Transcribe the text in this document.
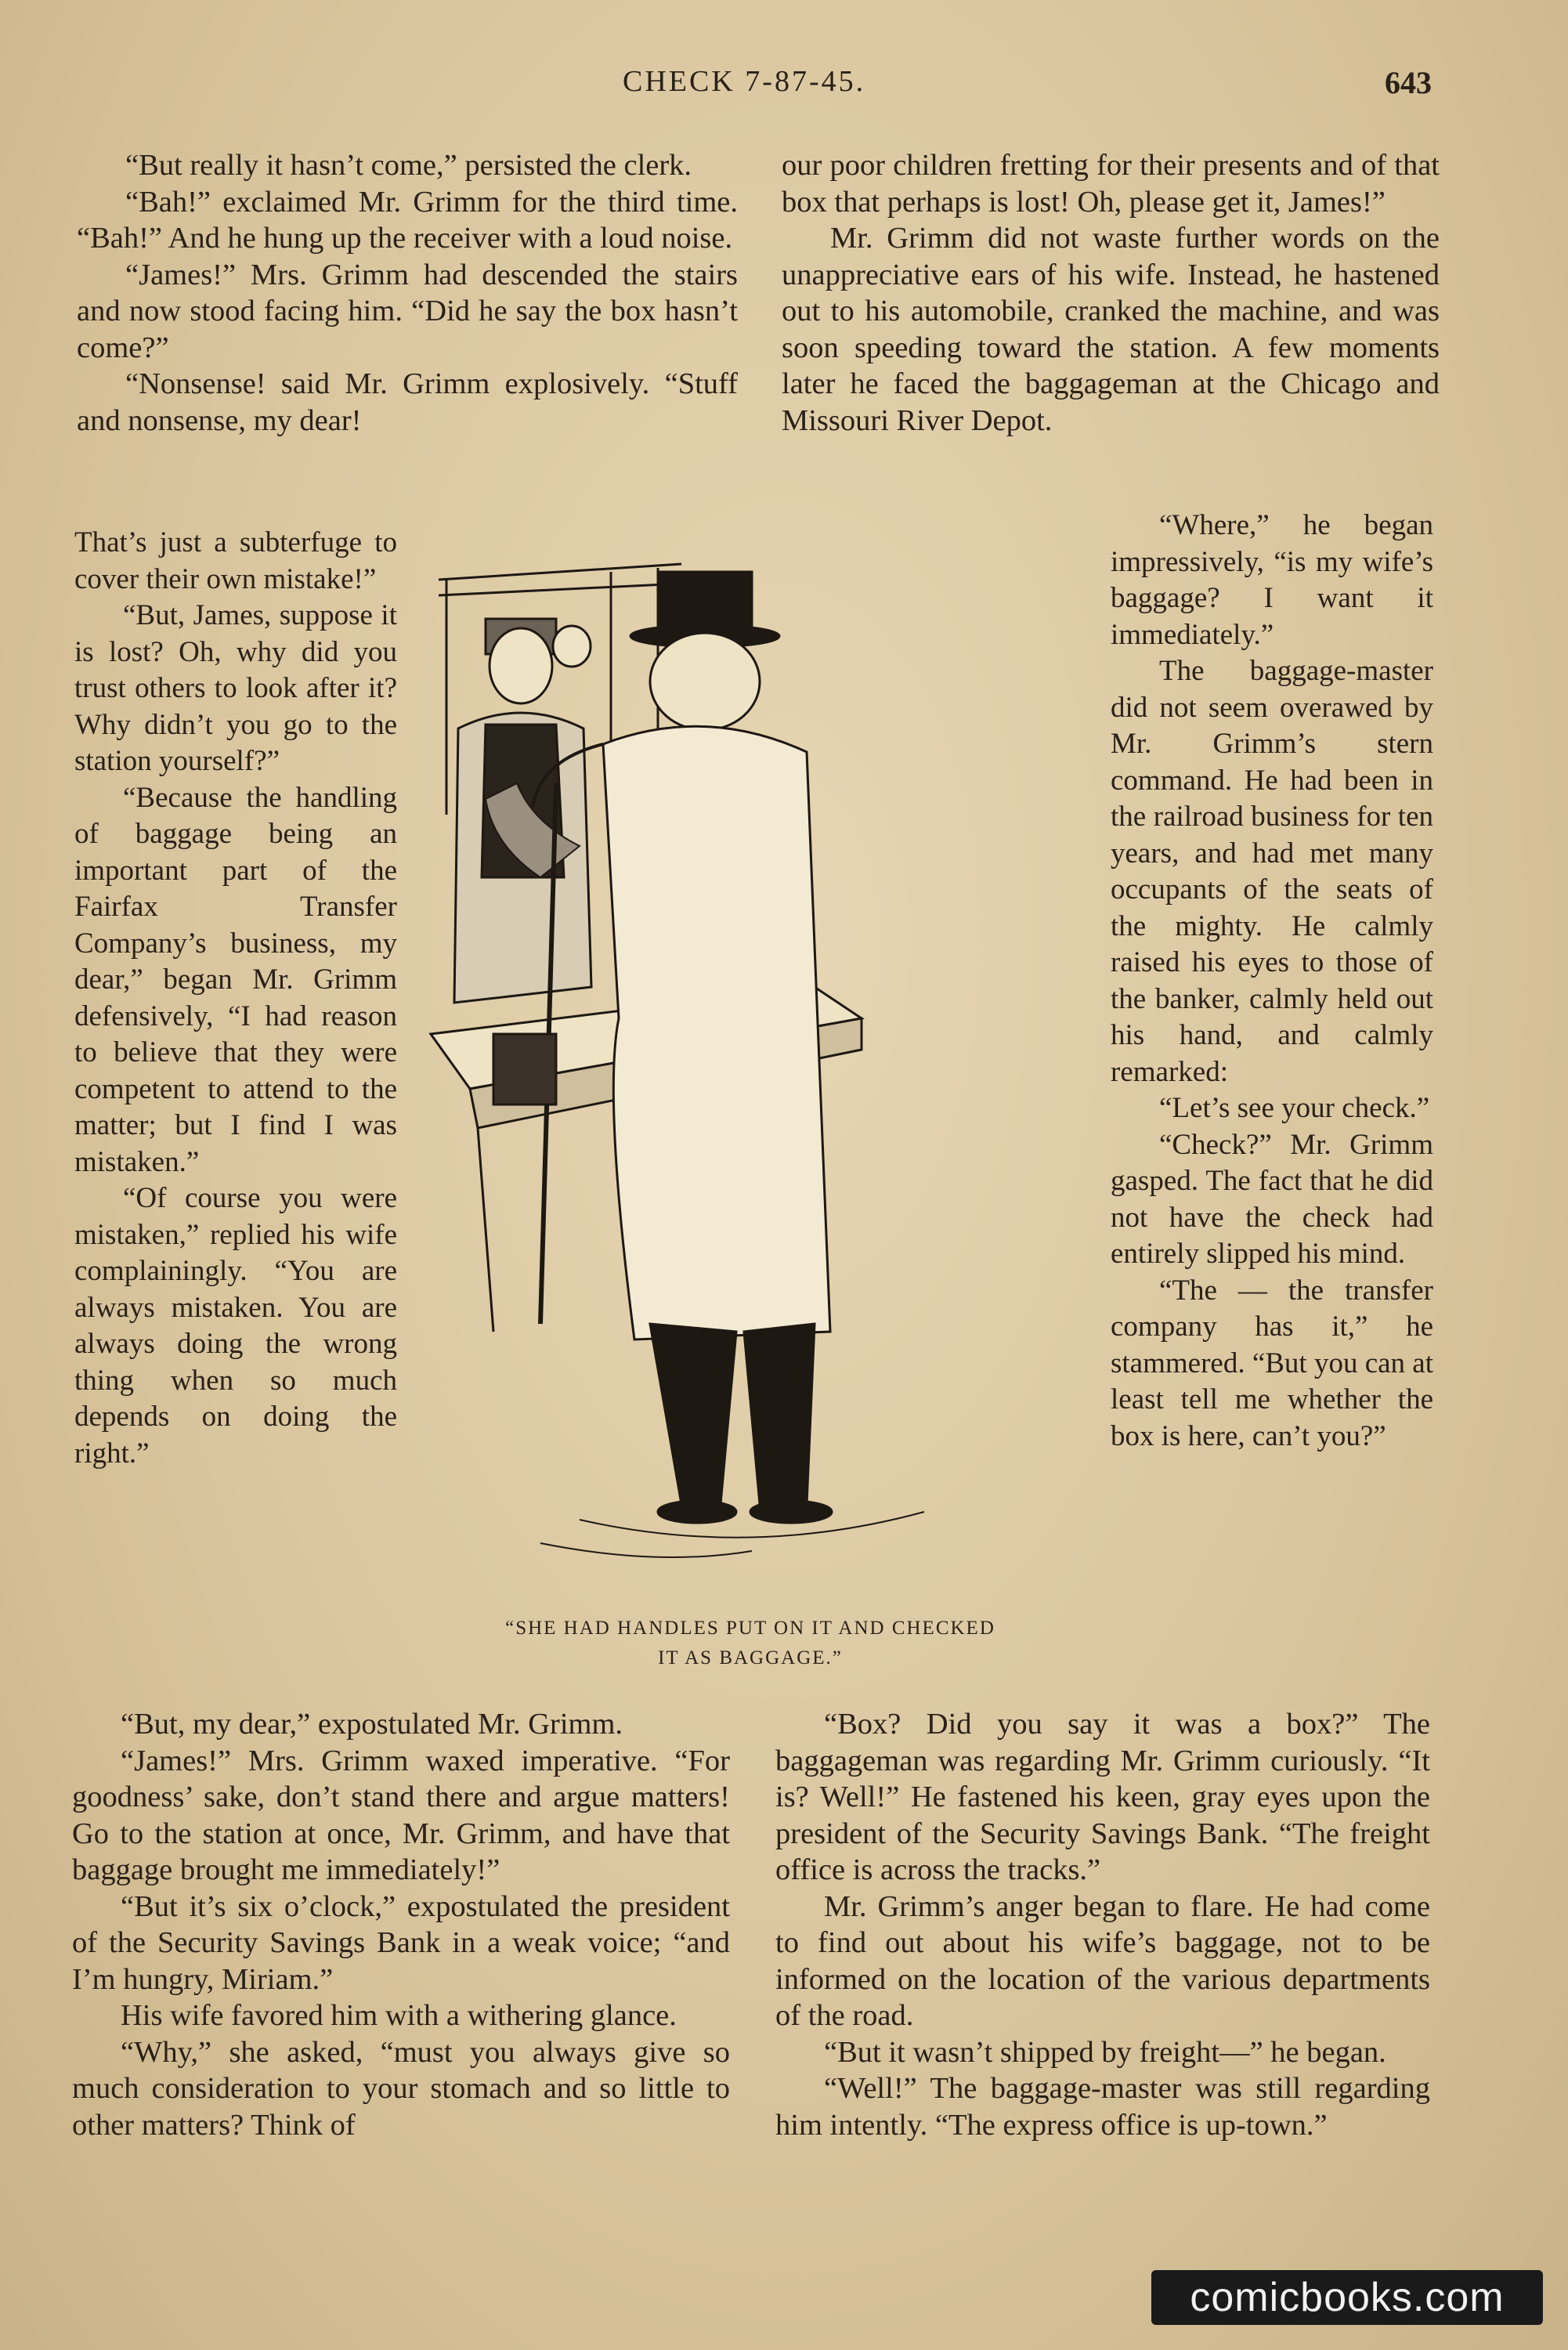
CHECK 7-87-45.	643

“But really it hasn’t come,” persisted the clerk.

“Bah!” exclaimed Mr. Grimm for the third time. “Bah!” And he hung up the receiver with a loud noise.

“James!” Mrs. Grimm had descended the stairs and now stood facing him. “Did he say the box hasn’t come?”

“Nonsense! said Mr. Grimm explosively. “Stuff and nonsense, my dear!

That’s just a subterfuge to cover their own mistake!”

“But, James, suppose it is lost? Oh, why did you trust others to look after it? Why didn’t you go to the station yourself?”

“Because the handling of baggage being an important part of the Fairfax Transfer Company’s business, my dear,” began Mr. Grimm defensively, “I had reason to believe that they were competent to attend to the matter; but I find I was mistaken.”

“Of course you were mistaken,” replied his wife complainingly. “You are always mistaken. You are always doing the wrong thing when so much depends on doing the right.”

“But, my dear,” expostulated Mr. Grimm.

“James!” Mrs. Grimm waxed imperative. “For goodness’ sake, don’t stand there and argue matters! Go to the station at once, Mr. Grimm, and have that baggage brought me immediately!”

“But it’s six o’clock,” expostulated the president of the Security Savings Bank in a weak voice; “and I’m hungry, Miriam.”

His wife favored him with a withering glance.

“Why,” she asked, “must you always give so much consideration to your stomach and so little to other matters? Think of

our poor children fretting for their presents and of that box that perhaps is lost! Oh, please get it, James!”

Mr. Grimm did not waste further words on the unappreciative ears of his wife. Instead, he hastened out to his automobile, cranked the machine, and was soon speeding toward the station. A few moments later he faced the baggageman at the Chicago and Missouri River Depot.

“Where,” he began impressively, “is my wife’s baggage? I want it immediately.”

The baggage-master did not seem overawed by Mr. Grimm’s stern command. He had been in the railroad business for ten years, and had met many occupants of the seats of the mighty. He calmly raised his eyes to those of the banker, calmly held out his hand, and calmly remarked:

“Let’s see your check.”

“Check?” Mr. Grimm gasped. The fact that he did not have the check had entirely slipped his mind.

“The — the transfer company has it,” he stammered. “But you can at least tell me whether the box is here, can’t you?”

“Box? Did you say it was a box?” The baggageman was regarding Mr. Grimm curiously. “It is? Well!” He fastened his keen, gray eyes upon the president of the Security Savings Bank. “The freight office is across the tracks.”

Mr. Grimm’s anger began to flare. He had come to find out about his wife’s baggage, not to be informed on the location of the various departments of the road.

“But it wasn’t shipped by freight—” he began.

“Well!” The baggage-master was still regarding him intently. “The express office is up-town.”

“SHE HAD HANDLES PUT ON IT AND CHECKED
IT AS BAGGAGE.”
comicbooks.com
